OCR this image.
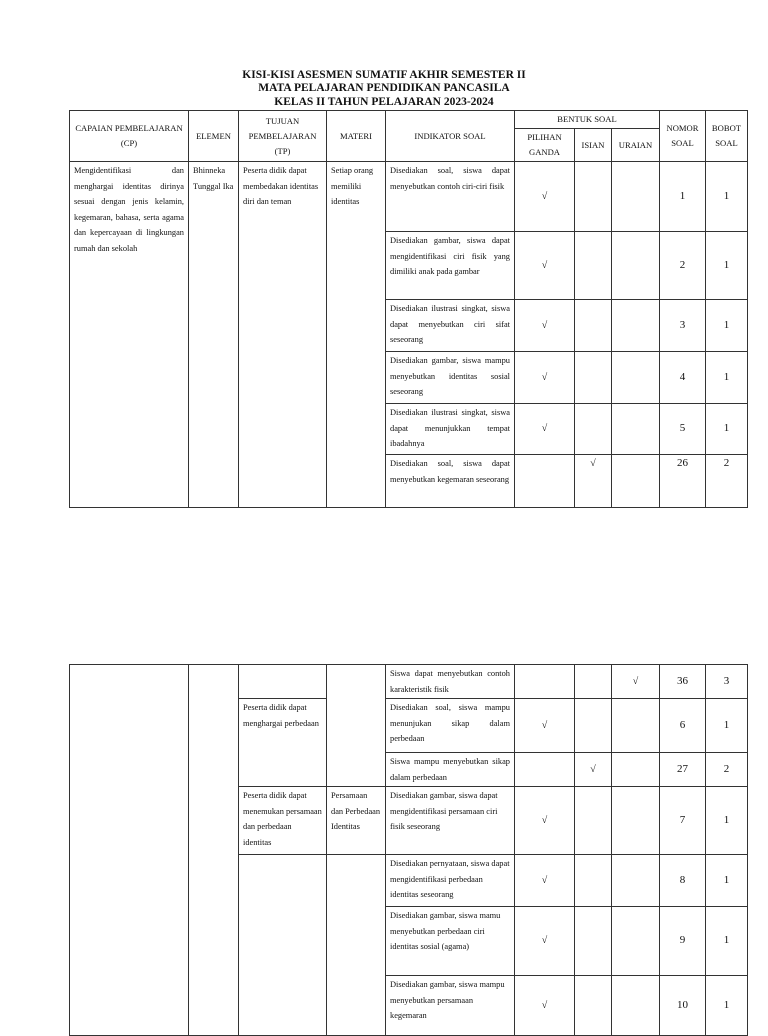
KISI-KISI ASESMEN SUMATIF AKHIR SEMESTER II
MATA PELAJARAN PENDIDIKAN PANCASILA
KELAS II TAHUN PELAJARAN 2023-2024
CAPAIAN PEMBELAJARAN (CP)	ELEMEN	TUJUAN PEMBELAJARAN (TP)	MATERI	INDIKATOR SOAL	BENTUK SOAL			NOMOR SOAL	BOBOT SOAL
					PILIHAN GANDA	ISIAN	URAIAN		
Mengidentifikasi dan menghargai identitas dirinya sesuai dengan jenis kelamin, kegemaran, bahasa, serta agama dan kepercayaan di lingkungan rumah dan sekolah	Bhinneka Tunggal Ika	Peserta didik dapat membedakan identitas diri dan teman	Setiap orang memiliki identitas	Disediakan soal, siswa dapat menyebutkan contoh ciri-ciri fisik	√			1	1
				Disediakan gambar, siswa dapat mengidentifikasi ciri fisik yang dimiliki anak pada gambar	√			2	1
				Disediakan ilustrasi singkat, siswa dapat menyebutkan ciri sifat seseorang	√			3	1
				Disediakan gambar, siswa mampu menyebutkan identitas sosial seseorang	√			4	1
				Disediakan ilustrasi singkat, siswa dapat menunjukkan tempat ibadahnya	√			5	1
				Disediakan soal, siswa dapat menyebutkan kegemaran seseorang		√		26	2
				Siswa dapat menyebutkan contoh karakteristik fisik			√	36	3
		Peserta didik dapat menghargai perbedaan		Disediakan soal, siswa mampu menunjukan sikap dalam perbedaan	√			6	1
				Siswa mampu menyebutkan sikap dalam perbedaan		√		27	2
		Peserta didik dapat menemukan persamaan dan perbedaan identitas	Persamaan dan Perbedaan Identitas	Disediakan gambar, siswa dapat mengidentifikasi persamaan ciri fisik seseorang	√			7	1
				Disediakan pernyataan, siswa dapat mengidentifikasi perbedaan identitas seseorang	√			8	1
				Disediakan gambar, siswa mamu menyebutkan perbedaan ciri identitas sosial (agama)	√			9	1
				Disediakan gambar, siswa mampu menyebutkan persamaan kegemaran	√			10	1
